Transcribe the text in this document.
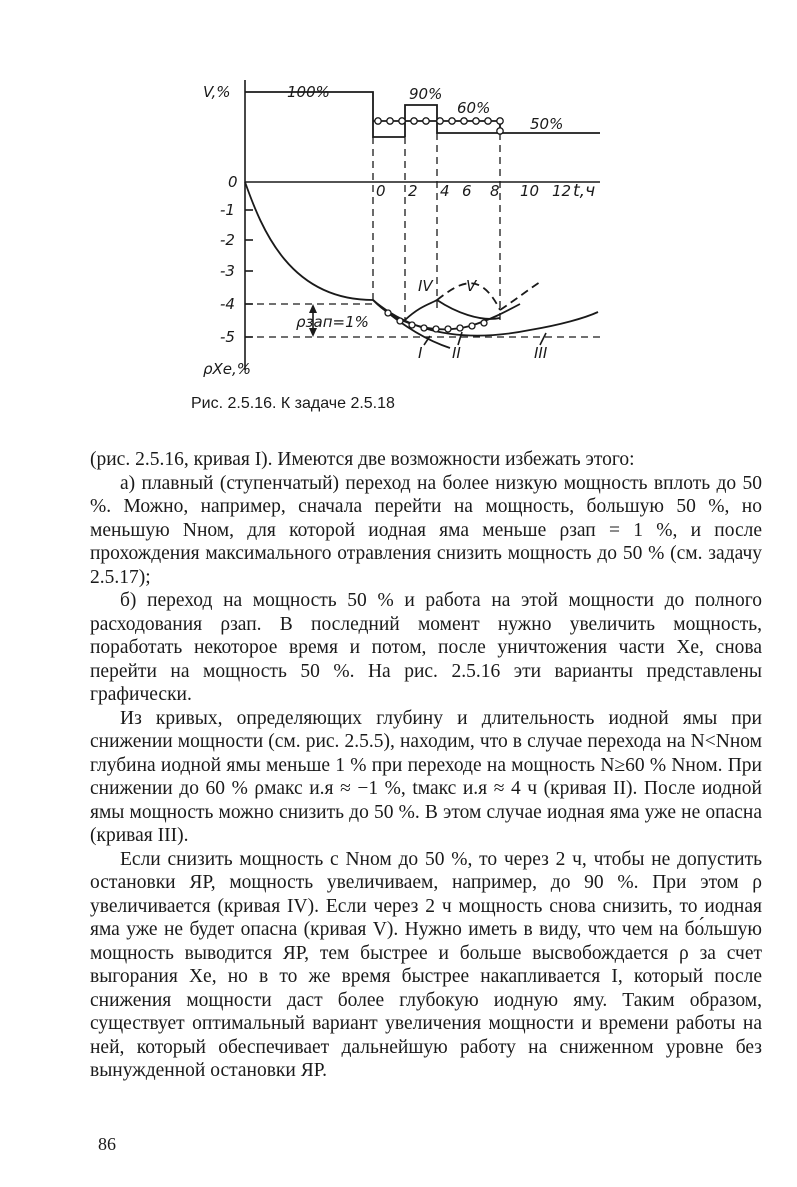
V,%	100%	90%
60%
50%
0
-1
-2
-3
-4
-5
0 2 4 6 8 10 12 t,ч
ρзап=1%
ρXe,%
I II	III
IV V
Рис. 2.5.16. К задаче 2.5.18

(рис. 2.5.16, кривая I). Имеются две возможности избежать этого:

а) плавный (ступенчатый) переход на более низкую мощность вплоть до 50 %. Можно, например, сначала перейти на мощность, большую 50 %, но меньшую Nном, для которой иодная яма меньше ρзап = 1 %, и после прохождения максимального отравления снизить мощность до 50 % (см. задачу 2.5.17);

б) переход на мощность 50 % и работа на этой мощности до полного расходования ρзап. В последний момент нужно увеличить мощность, поработать некоторое время и потом, после уничтожения части Xe, снова перейти на мощность 50 %. На рис. 2.5.16 эти варианты представлены графически.

Из кривых, определяющих глубину и длительность иодной ямы при снижении мощности (см. рис. 2.5.5), находим, что в случае перехода на N<Nном глубина иодной ямы меньше 1 % при переходе на мощность N≥60 % Nном. При снижении до 60 % ρмакс и.я ≈ −1 %, tмакс и.я ≈ 4 ч (кривая II). После иодной ямы мощность можно снизить до 50 %. В этом случае иодная яма уже не опасна (кривая III).

Если снизить мощность с Nном до 50 %, то через 2 ч, чтобы не допустить остановки ЯР, мощность увеличиваем, например, до 90 %. При этом ρ увеличивается (кривая IV). Если через 2 ч мощность снова снизить, то иодная яма уже не будет опасна (кривая V). Нужно иметь в виду, что чем на бо́льшую мощность выводится ЯР, тем быстрее и больше высвобождается ρ за счет выгорания Xe, но в то же время быстрее накапливается I, который после снижения мощности даст более глубокую иодную яму. Таким образом, существует оптимальный вариант увеличения мощности и времени работы на ней, который обеспечивает дальнейшую работу на сниженном уровне без вынужденной остановки ЯР.

86
